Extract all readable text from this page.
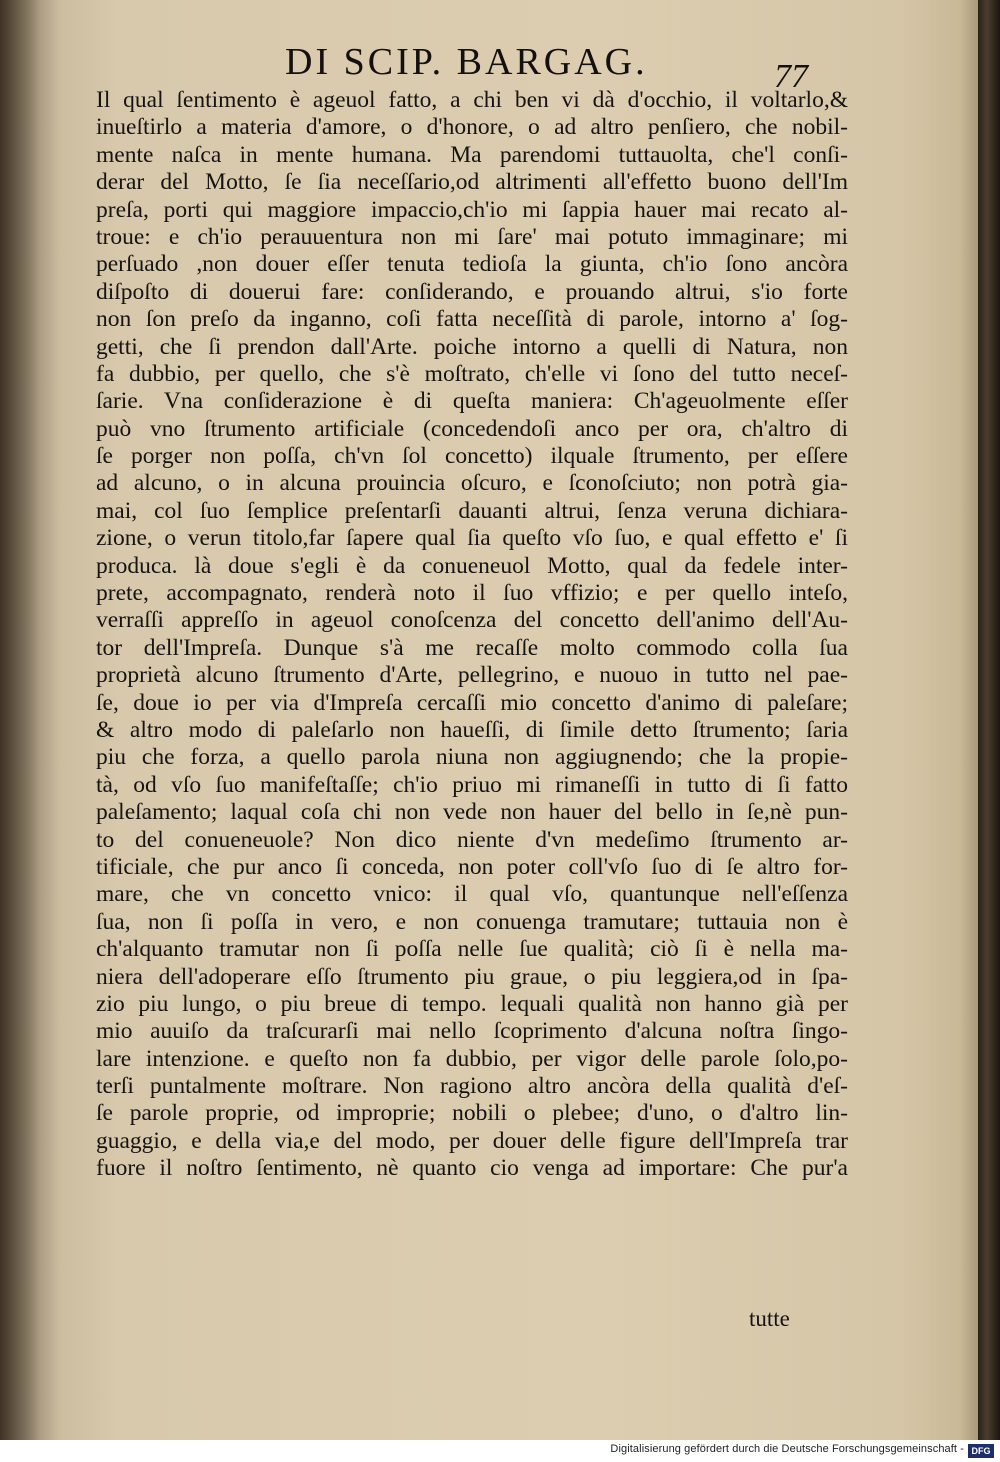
DI SCIP. BARGAG.	77
Il qual ſentimento è ageuol fatto, a chi ben vi dà d'occhio, il voltarlo,&
inueſtirlo a materia d'amore, o d'honore, o ad altro penſiero, che nobil-
mente naſca in mente humana. Ma parendomi tuttauolta, che'l conſi-
derar del Motto, ſe ſia neceſſario,od altrimenti all'effetto buono dell'Im
preſa, porti qui maggiore impaccio,ch'io mi ſappia hauer mai recato al-
troue: e ch'io perauuentura non mi ſare' mai potuto immaginare; mi
perſuado ,non douer eſſer tenuta tedioſa la giunta, ch'io ſono ancòra
diſpoſto di douerui fare: conſiderando, e prouando altrui, s'io forte
non ſon preſo da inganno, coſi fatta neceſſità di parole, intorno a' ſog-
getti, che ſi prendon dall'Arte. poiche intorno a quelli di Natura, non
fa dubbio, per quello, che s'è moſtrato, ch'elle vi ſono del tutto neceſ-
ſarie. Vna conſiderazione è di queſta maniera: Ch'ageuolmente eſſer
può vno ſtrumento artificiale (concedendoſi anco per ora, ch'altro di
ſe porger non poſſa, ch'vn ſol concetto) ilquale ſtrumento, per eſſere
ad alcuno, o in alcuna prouincia oſcuro, e ſconoſciuto; non potrà gia-
mai, col ſuo ſemplice preſentarſi dauanti altrui, ſenza veruna dichiara-
zione, o verun titolo,far ſapere qual ſia queſto vſo ſuo, e qual effetto e' ſi
produca. là doue s'egli è da conueneuol Motto, qual da fedele inter-
prete, accompagnato, renderà noto il ſuo vffizio; e per quello inteſo,
verraſſi appreſſo in ageuol conoſcenza del concetto dell'animo dell'Au-
tor dell'Impreſa. Dunque s'à me recaſſe molto commodo colla ſua
proprietà alcuno ſtrumento d'Arte, pellegrino, e nuouo in tutto nel pae-
ſe, doue io per via d'Impreſa cercaſſi mio concetto d'animo di paleſare;
& altro modo di paleſarlo non haueſſi, di ſimile detto ſtrumento; ſaria
piu che forza, a quello parola niuna non aggiugnendo; che la propie-
tà, od vſo ſuo manifeſtaſſe; ch'io priuo mi rimaneſſi in tutto di ſi fatto
paleſamento; laqual coſa chi non vede non hauer del bello in ſe,nè pun-
to del conueneuole? Non dico niente d'vn medeſimo ſtrumento ar-
tificiale, che pur anco ſi conceda, non poter coll'vſo ſuo di ſe altro for-
mare, che vn concetto vnico: il qual vſo, quantunque nell'eſſenza
ſua, non ſi poſſa in vero, e non conuenga tramutare; tuttauia non è
ch'alquanto tramutar non ſi poſſa nelle ſue qualità; ciò ſi è nella ma-
niera dell'adoperare eſſo ſtrumento piu graue, o piu leggiera,od in ſpa-
zio piu lungo, o piu breue di tempo. lequali qualità non hanno già per
mio auuiſo da traſcurarſi mai nello ſcoprimento d'alcuna noſtra ſingo-
lare intenzione. e queſto non fa dubbio, per vigor delle parole ſolo,po-
terſi puntalmente moſtrare. Non ragiono altro ancòra della qualità d'eſ-
ſe parole proprie, od improprie; nobili o plebee; d'uno, o d'altro lin-
guaggio, e della via,e del modo, per douer delle figure dell'Impreſa trar
fuore il noſtro ſentimento, nè quanto cio venga ad importare: Che pur'a
tutte
Digitalisierung gefördert durch die Deutsche Forschungsgemeinschaft - DFG
